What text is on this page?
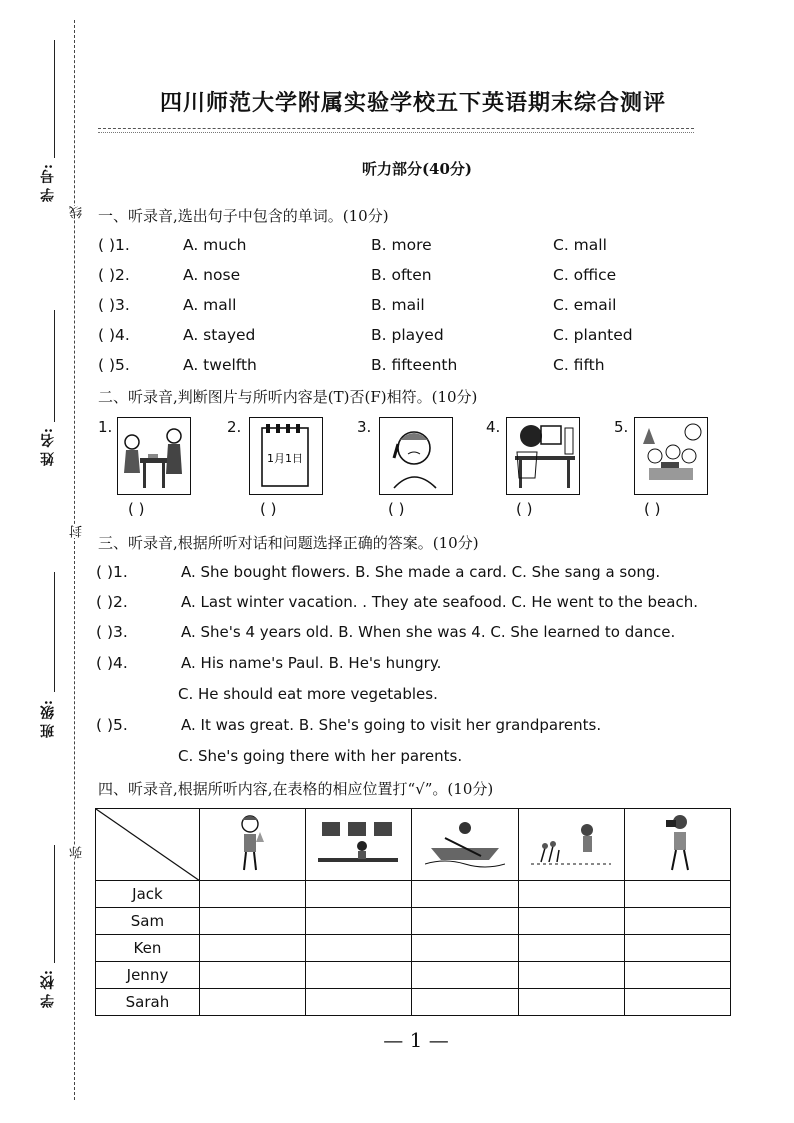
线
封
弥
学 号:
姓 名:
班 级:
学 校:
四川师范大学附属实验学校五下英语期末综合测评
听力部分(40分)
一、听录音,选出句子中包含的单词。(10分)
( )1.	A. much	B. more	C. mall
( )2.	A. nose	B. often	C. office
( )3.	A. mall	B. mail	C. email
( )4.	A. stayed	B. played	C. planted
( )5.	A. twelfth	B. fifteenth	C. fifth
二、听录音,判断图片与所听内容是(T)否(F)相符。(10分)
1.
( )
2.
1月1日
( )
3.
( )
4.
( )
5.
( )
三、听录音,根据所听对话和问题选择正确的答案。(10分)
( )1.	A. She bought flowers. B. She made a card. C. She sang a song.
( )2.	A. Last winter vacation. . They ate seafood. C. He went to the beach.
( )3.	A. She's 4 years old. B. When she was 4. C. She learned to dance.
( )4.	A. His name's Paul. B. He's hungry.
C. He should eat more vegetables.
( )5.	A. It was great. B. She's going to visit her grandparents.
C. She's going there with her parents.
四、听录音,根据所听内容,在表格的相应位置打“√”。(10分)

Jack					
Sam					
Ken					
Jenny					
Sarah					
— 1 —
